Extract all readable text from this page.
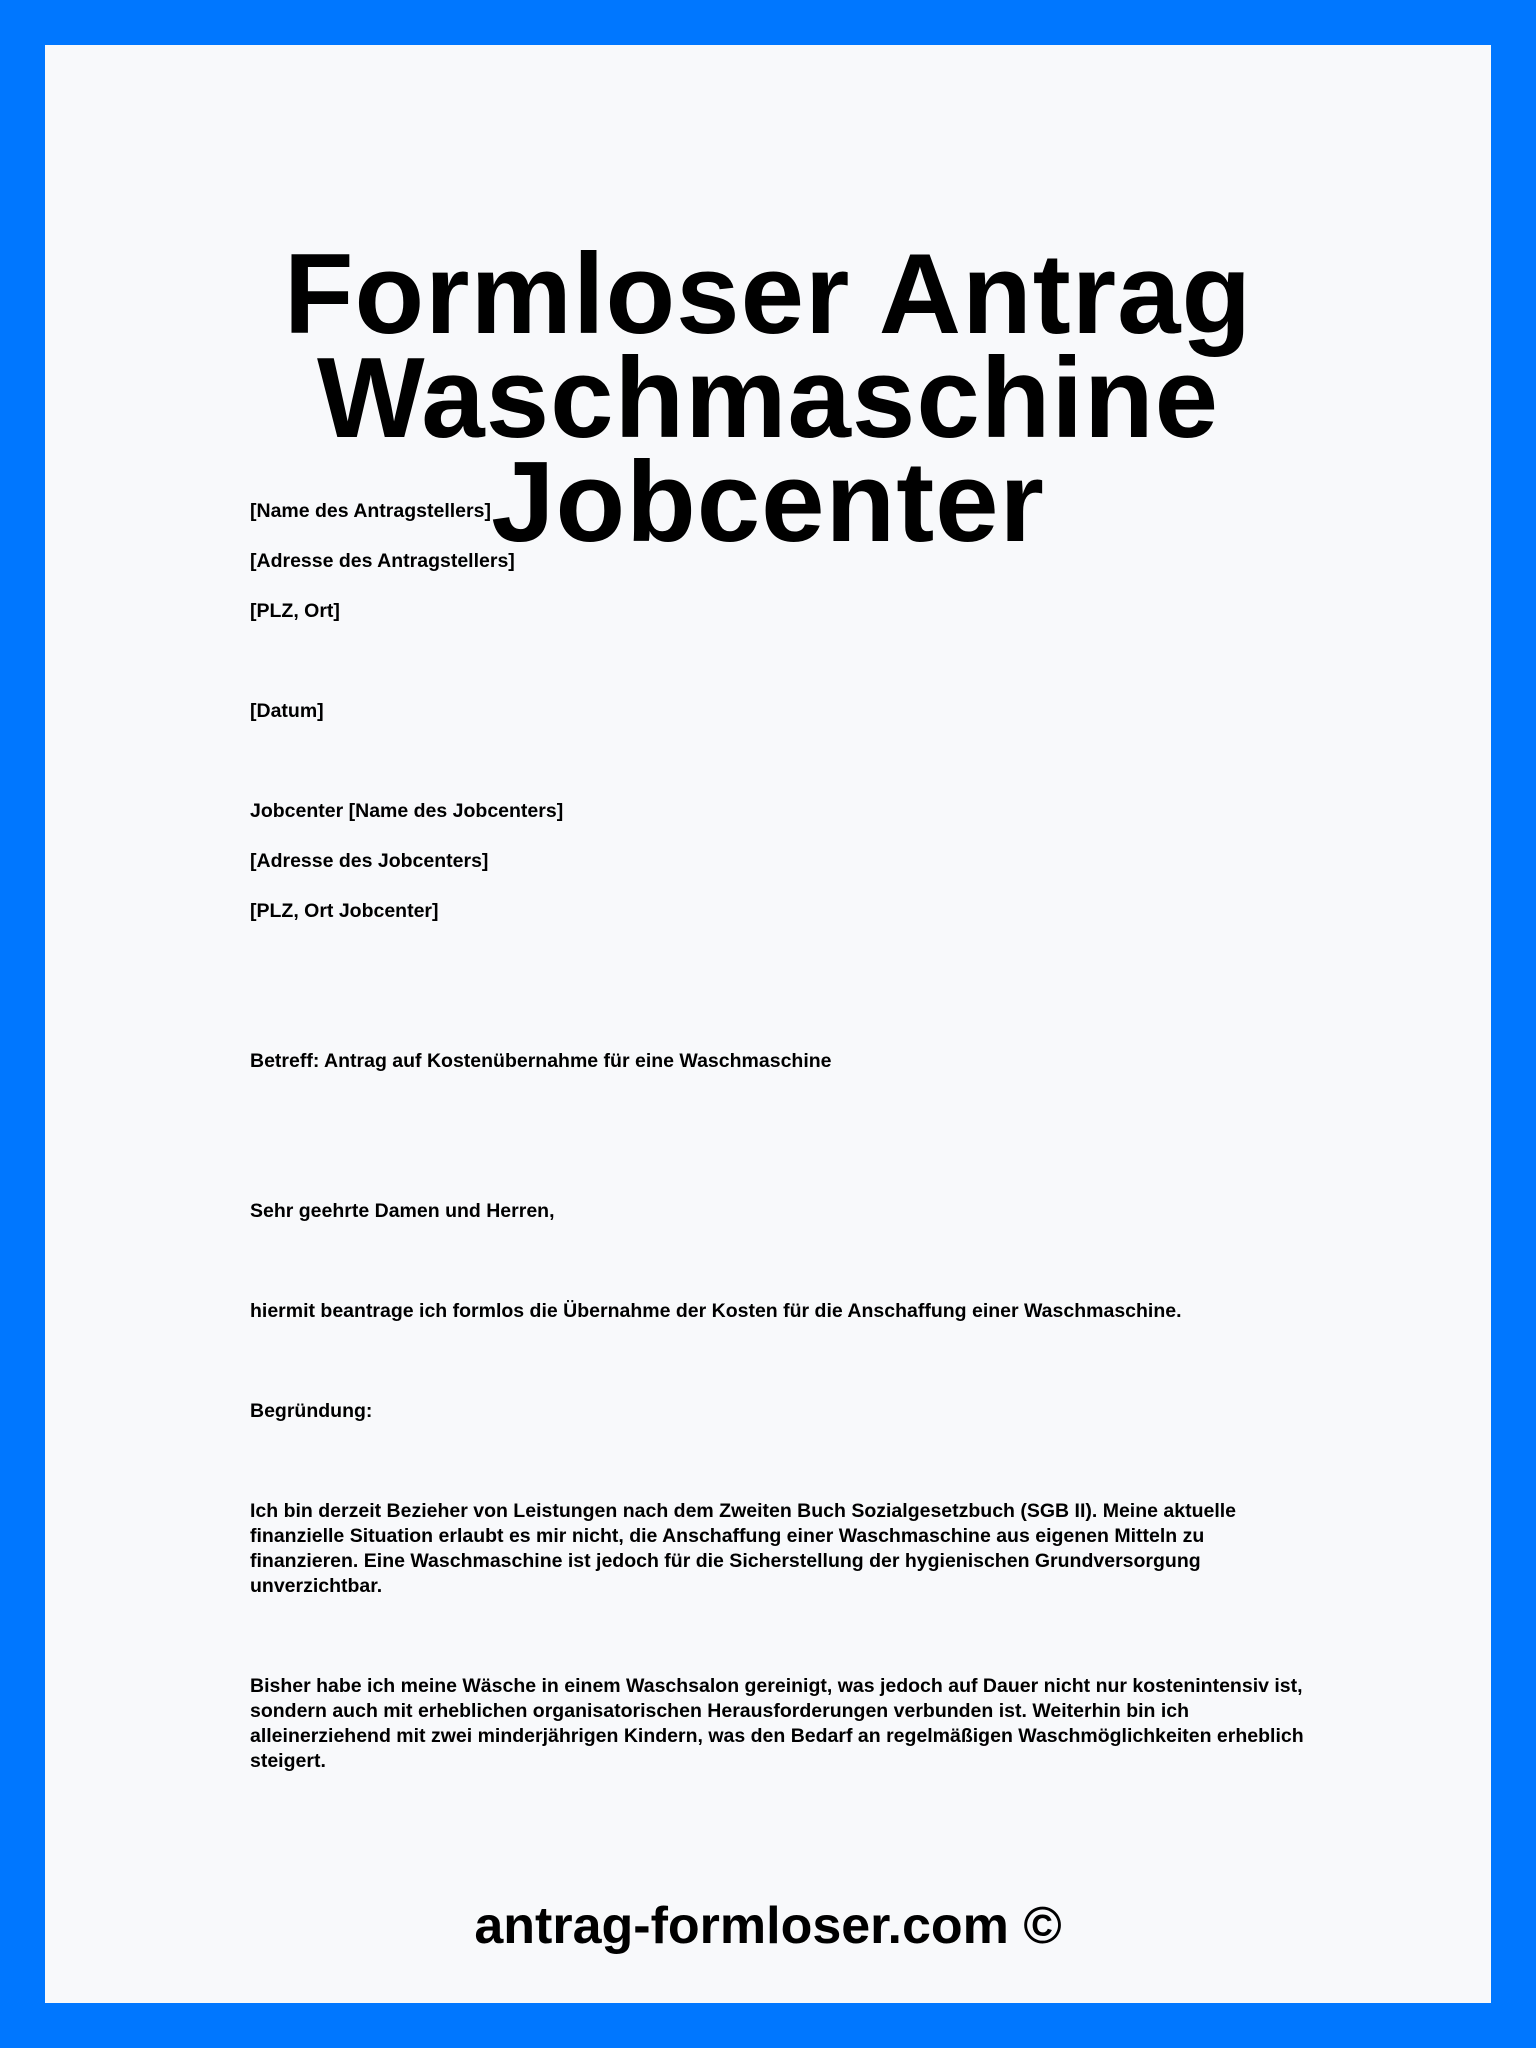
Formloser Antrag
Waschmaschine Jobcenter
[Name des Antragstellers]
[Adresse des Antragstellers]
[PLZ, Ort]
[Datum]
Jobcenter [Name des Jobcenters]
[Adresse des Jobcenters]
[PLZ, Ort Jobcenter]
Betreff: Antrag auf Kostenübernahme für eine Waschmaschine
Sehr geehrte Damen und Herren,
hiermit beantrage ich formlos die Übernahme der Kosten für die Anschaffung einer Waschmaschine.
Begründung:

Ich bin derzeit Bezieher von Leistungen nach dem Zweiten Buch Sozialgesetzbuch (SGB II). Meine aktuelle finanzielle Situation erlaubt es mir nicht, die Anschaffung einer Waschmaschine aus eigenen Mitteln zu finanzieren. Eine Waschmaschine ist jedoch für die Sicherstellung der hygienischen Grundversorgung unverzichtbar.

Bisher habe ich meine Wäsche in einem Waschsalon gereinigt, was jedoch auf Dauer nicht nur kostenintensiv ist, sondern auch mit erheblichen organisatorischen Herausforderungen verbunden ist. Weiterhin bin ich alleinerziehend mit zwei minderjährigen Kindern, was den Bedarf an regelmäßigen Waschmöglichkeiten erheblich steigert.

antrag-formloser.com ©
